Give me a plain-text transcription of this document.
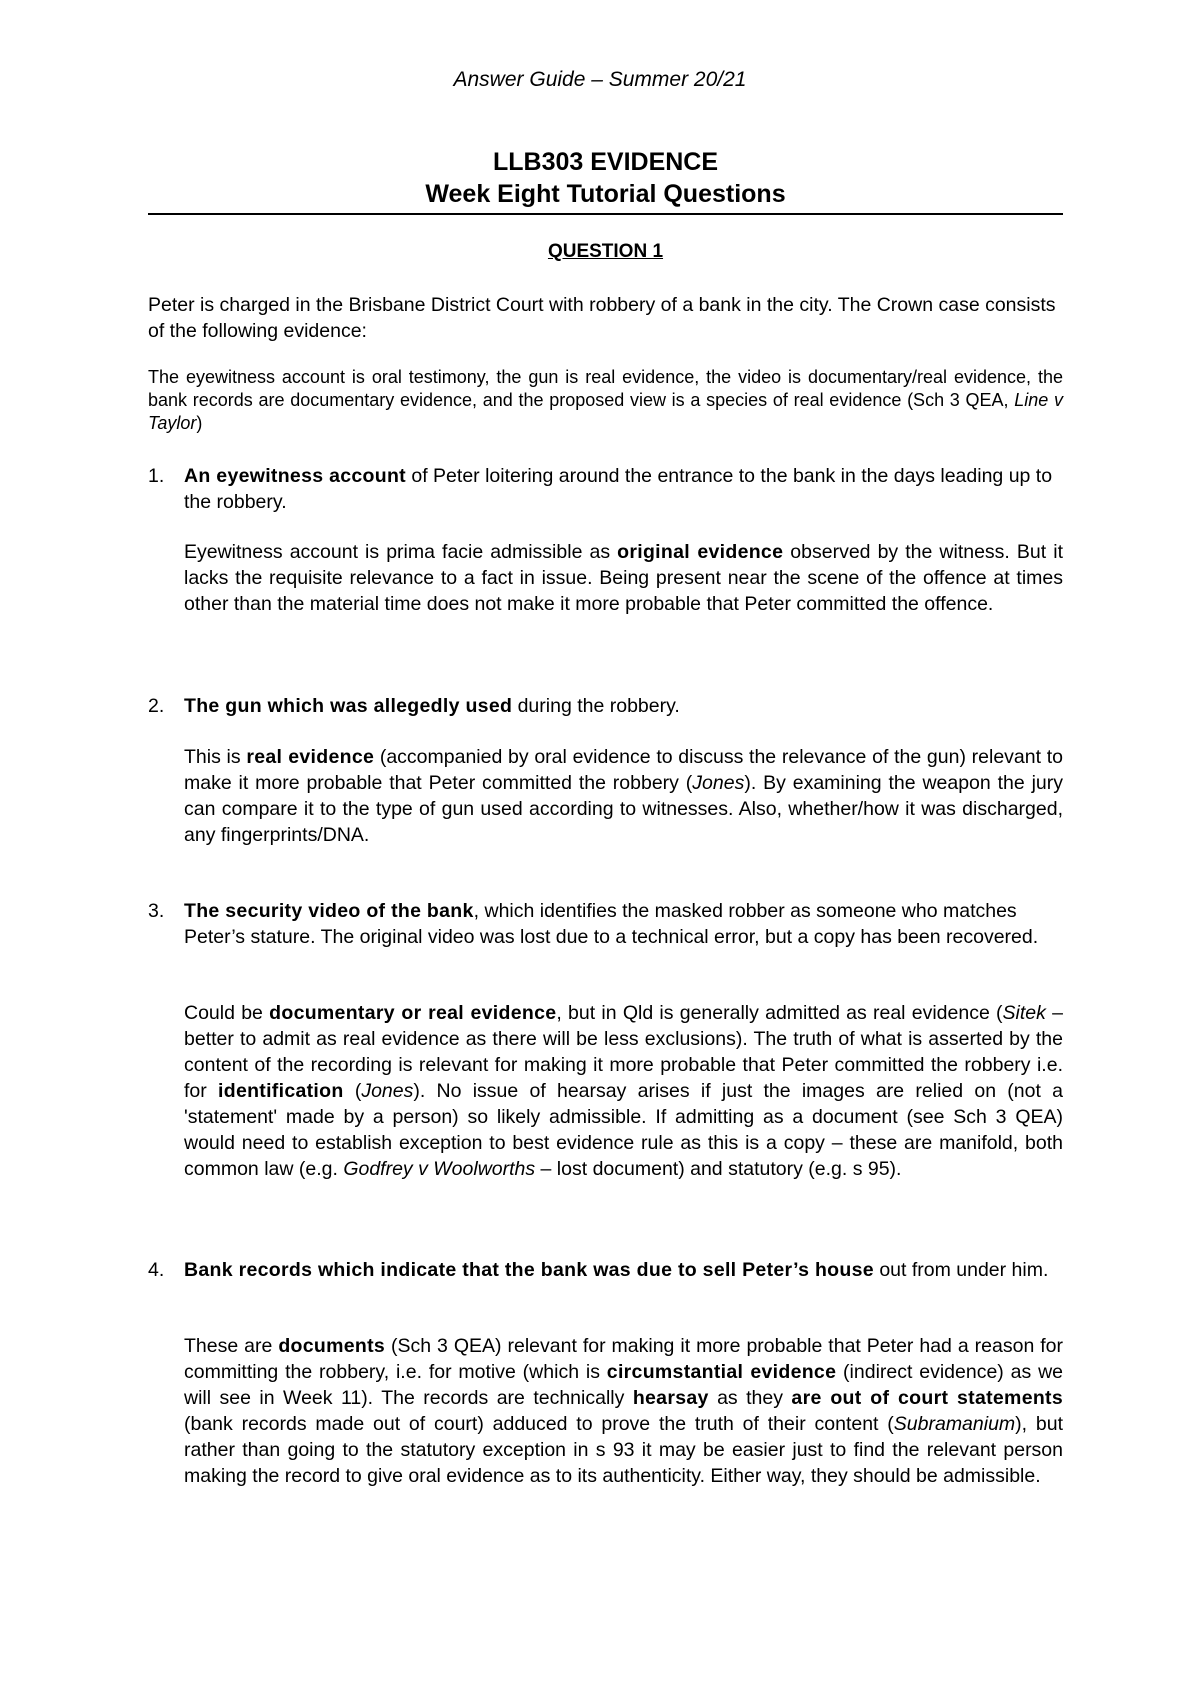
Answer Guide – Summer 20/21
LLB303 EVIDENCE
Week Eight Tutorial Questions
QUESTION 1
Peter is charged in the Brisbane District Court with robbery of a bank in the city. The Crown case consists of the following evidence:
The eyewitness account is oral testimony, the gun is real evidence, the video is documentary/real evidence, the bank records are documentary evidence, and the proposed view is a species of real evidence (Sch 3 QEA, Line v Taylor)
1.	An eyewitness account of Peter loitering around the entrance to the bank in the days leading up to the robbery.
Eyewitness account is prima facie admissible as original evidence observed by the witness. But it lacks the requisite relevance to a fact in issue. Being present near the scene of the offence at times other than the material time does not make it more probable that Peter committed the offence.
2.	The gun which was allegedly used during the robbery.
This is real evidence (accompanied by oral evidence to discuss the relevance of the gun) relevant to make it more probable that Peter committed the robbery (Jones). By examining the weapon the jury can compare it to the type of gun used according to witnesses. Also, whether/how it was discharged, any fingerprints/DNA.
3.	The security video of the bank, which identifies the masked robber as someone who matches Peter’s stature. The original video was lost due to a technical error, but a copy has been recovered.
Could be documentary or real evidence, but in Qld is generally admitted as real evidence (Sitek – better to admit as real evidence as there will be less exclusions). The truth of what is asserted by the content of the recording is relevant for making it more probable that Peter committed the robbery i.e. for identification (Jones). No issue of hearsay arises if just the images are relied on (not a 'statement' made by a person) so likely admissible. If admitting as a document (see Sch 3 QEA) would need to establish exception to best evidence rule as this is a copy – these are manifold, both common law (e.g. Godfrey v Woolworths – lost document) and statutory (e.g. s 95).
4.	Bank records which indicate that the bank was due to sell Peter’s house out from under him.
These are documents (Sch 3 QEA) relevant for making it more probable that Peter had a reason for committing the robbery, i.e. for motive (which is circumstantial evidence (indirect evidence) as we will see in Week 11). The records are technically hearsay as they are out of court statements (bank records made out of court) adduced to prove the truth of their content (Subramanium), but rather than going to the statutory exception in s 93 it may be easier just to find the relevant person making the record to give oral evidence as to its authenticity. Either way, they should be admissible.
